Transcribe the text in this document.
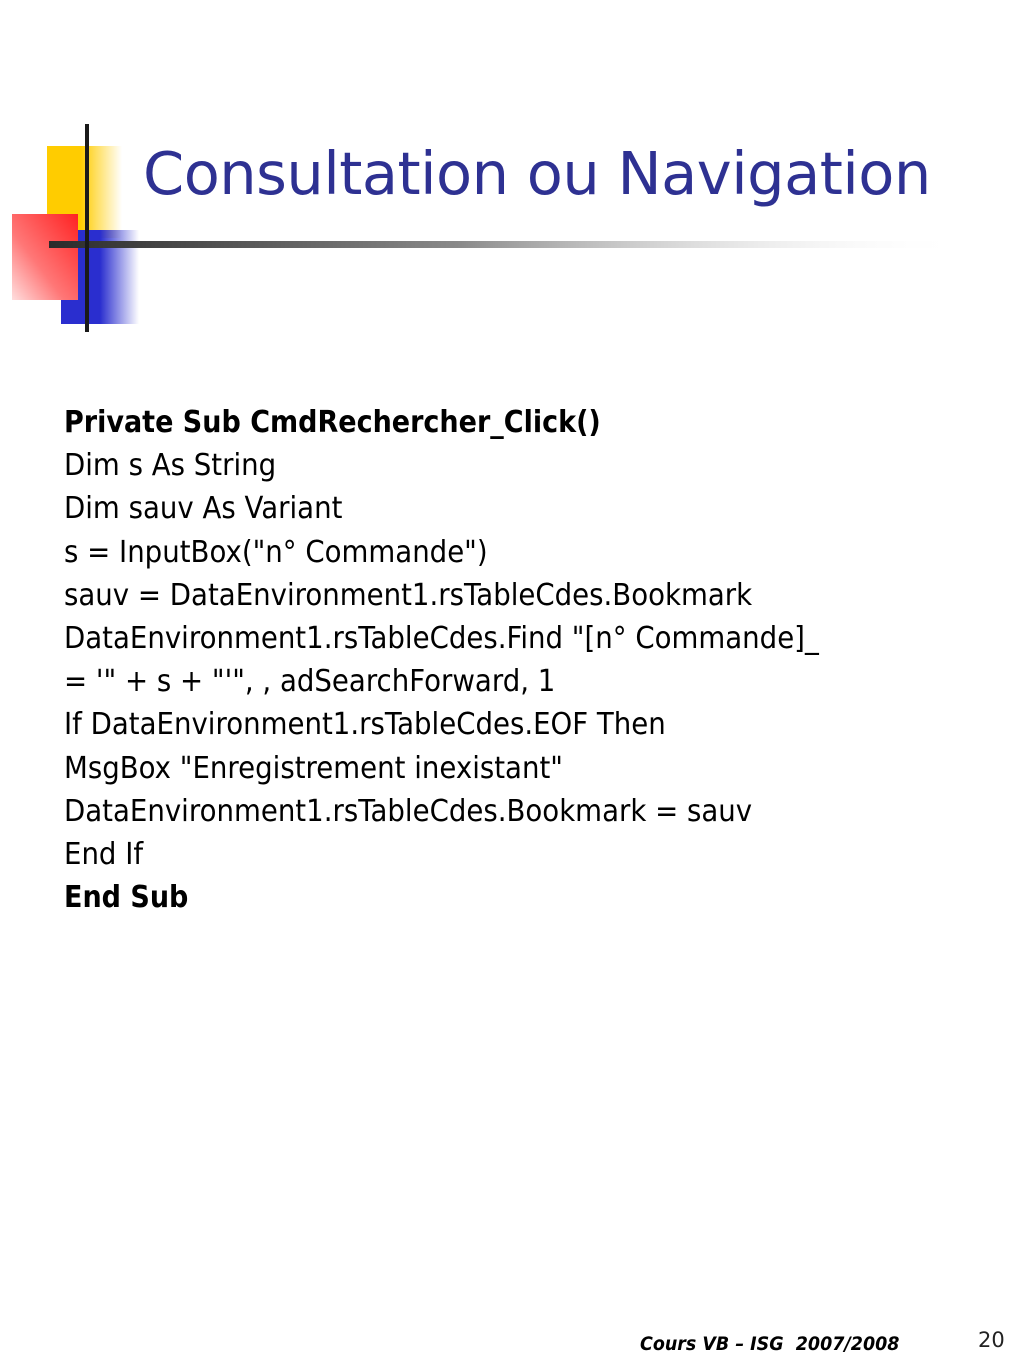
Consultation ou Navigation
Private Sub CmdRechercher_Click()
Dim s As String
Dim sauv As Variant
s = InputBox("n° Commande")
sauv = DataEnvironment1.rsTableCdes.Bookmark
DataEnvironment1.rsTableCdes.Find "[n° Commande]_
= '" + s + "'", , adSearchForward, 1
If DataEnvironment1.rsTableCdes.EOF Then
MsgBox "Enregistrement inexistant"
DataEnvironment1.rsTableCdes.Bookmark = sauv
End If
End Sub
Cours VB – ISG  2007/2008	20
